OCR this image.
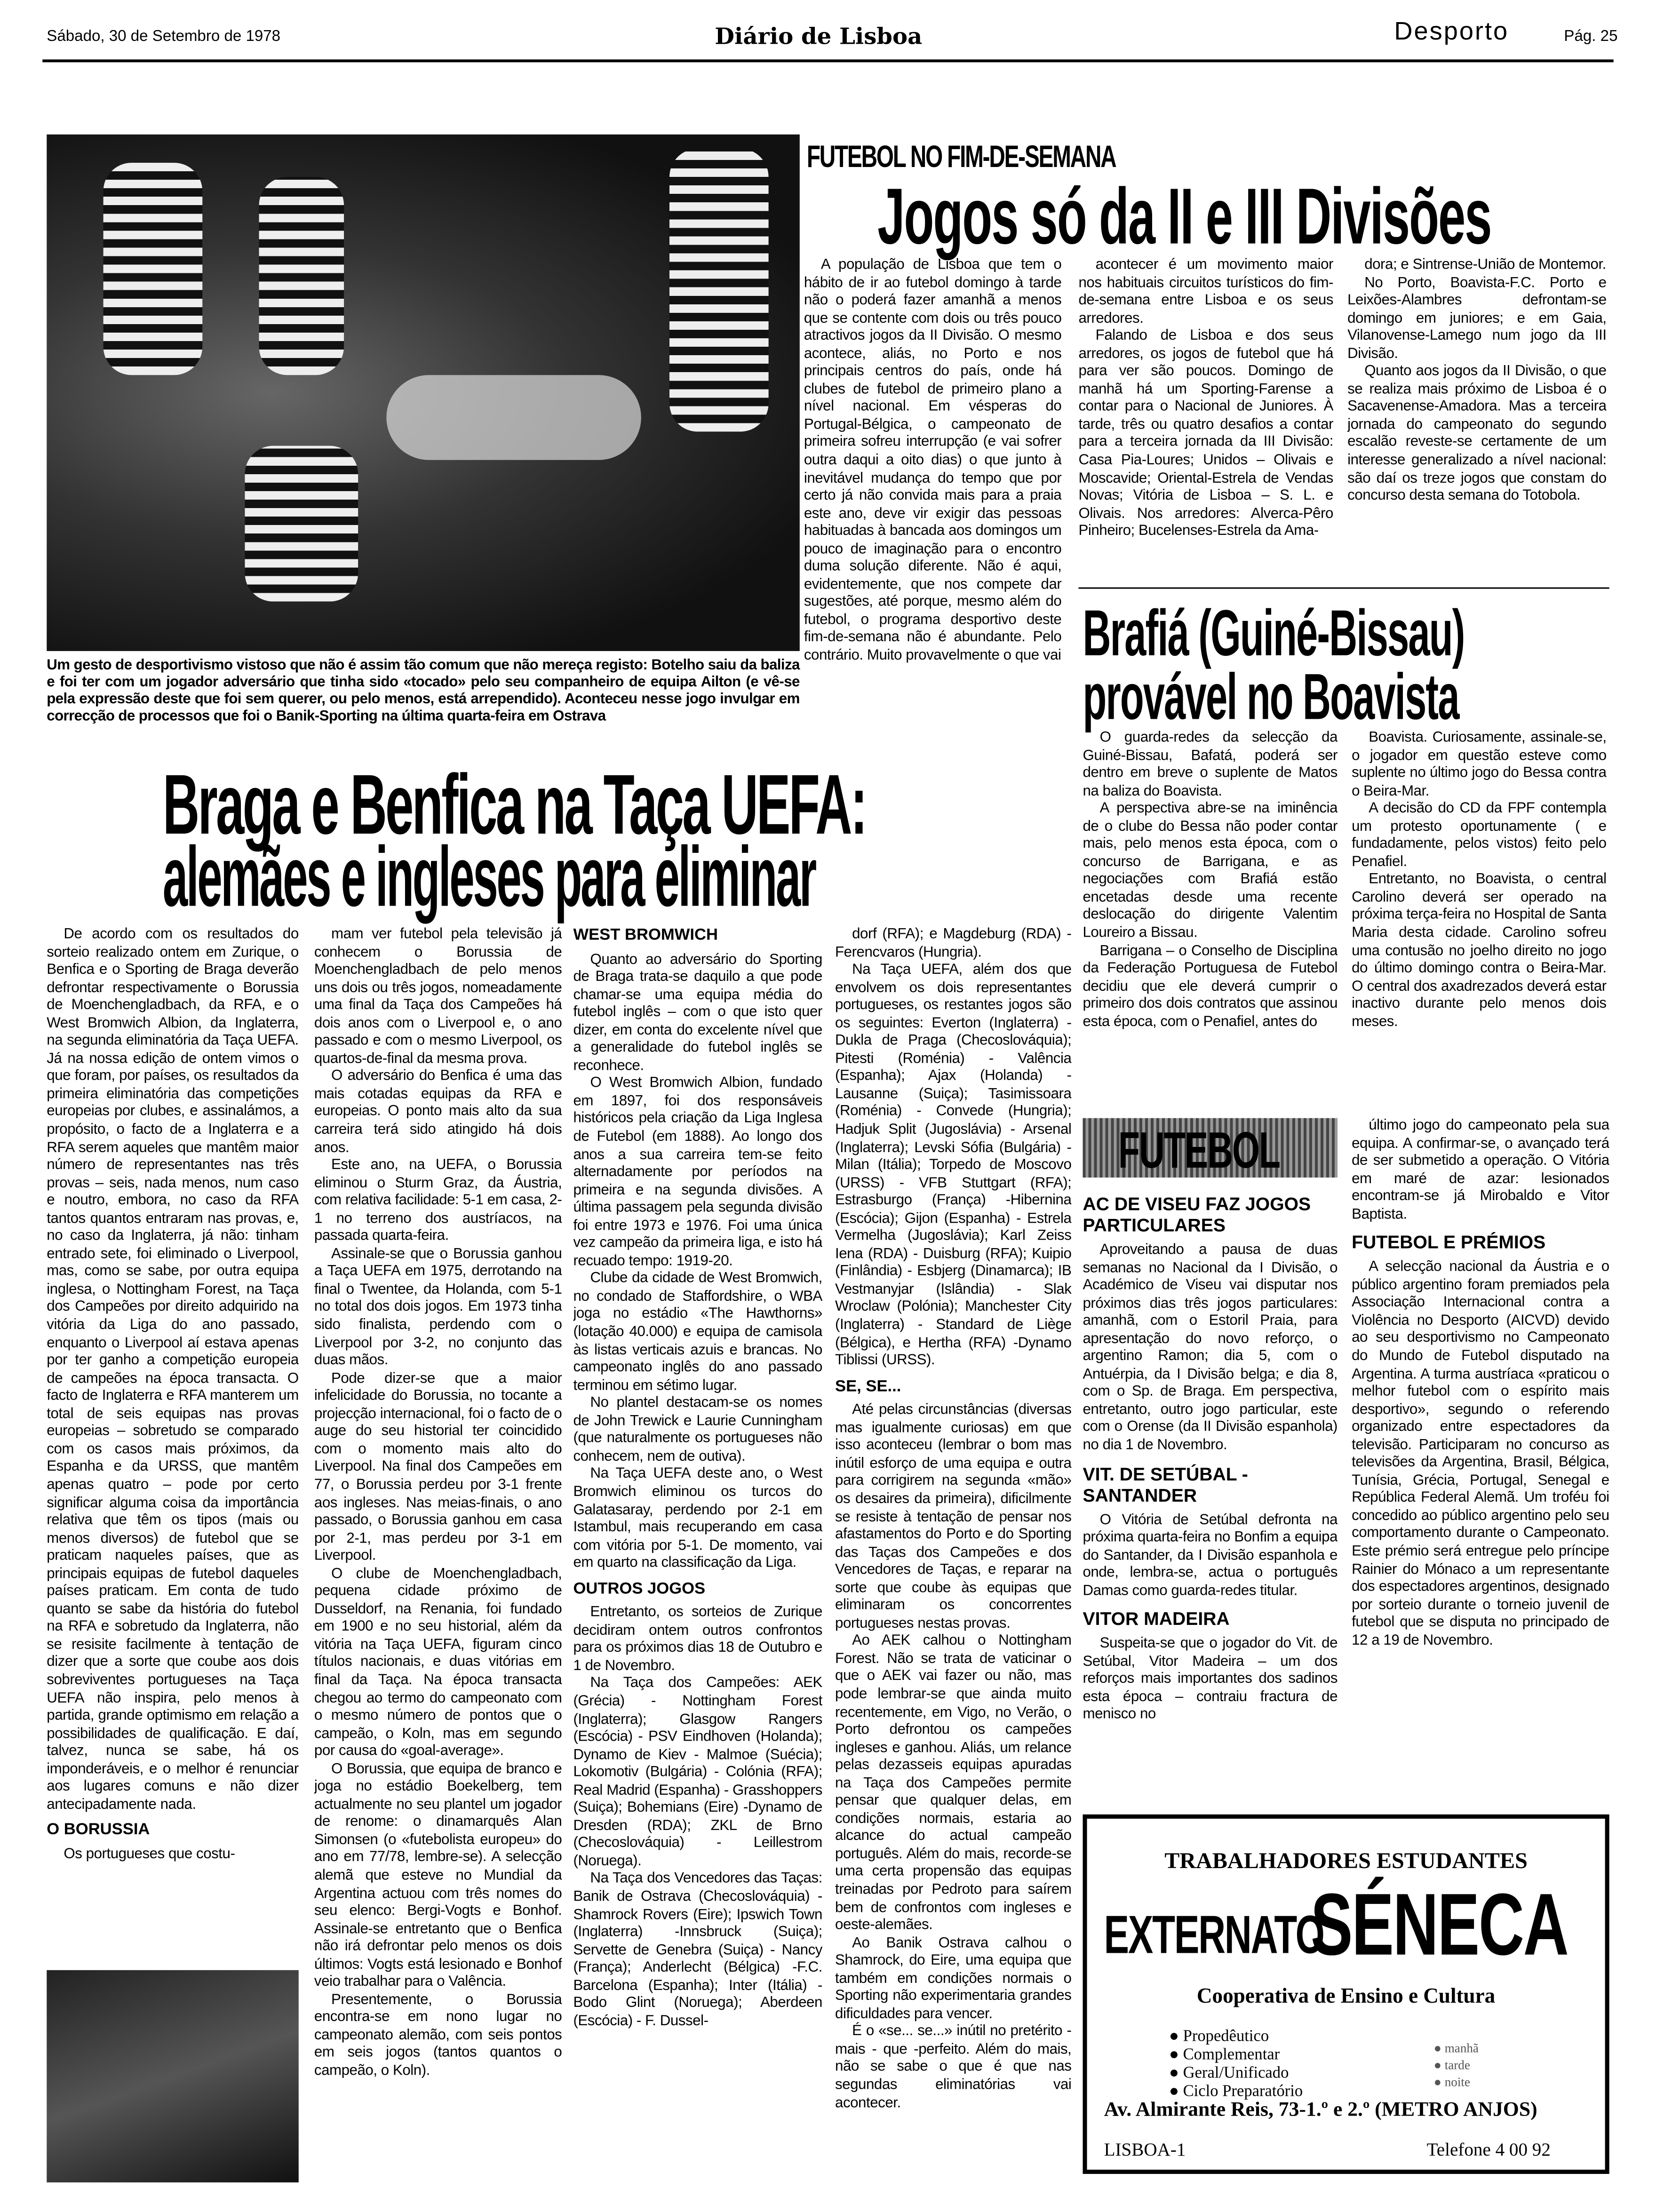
Sábado, 30 de Setembro de 1978	Diário de Lisboa	Desporto	Pág. 25
Um gesto de desportivismo vistoso que não é assim tão comum que não mereça registo: Botelho saiu da baliza e foi ter com um jogador adversário que tinha sido «tocado» pelo seu companheiro de equipa Ailton (e vê-se pela expressão deste que foi sem querer, ou pelo menos, está arrependido). Aconteceu nesse jogo invulgar em correcção de processos que foi o Banik-Sporting na última quarta-feira em Ostrava
FUTEBOL NO FIM-DE-SEMANA
Jogos só da II e III Divisões

A população de Lisboa que tem o hábito de ir ao futebol domingo à tarde não o poderá fazer amanhã a menos que se contente com dois ou três pouco atractivos jogos da II Divisão. O mesmo acontece, aliás, no Porto e nos principais centros do país, onde há clubes de futebol de primeiro plano a nível nacional. Em vésperas do Portugal-Bélgica, o campeonato de primeira sofreu interrupção (e vai sofrer outra daqui a oito dias) o que junto à inevitável mudança do tempo que por certo já não convida mais para a praia este ano, deve vir exigir das pessoas habituadas à bancada aos domingos um pouco de imaginação para o encontro duma solução diferente. Não é aqui, evidentemente, que nos compete dar sugestões, até porque, mesmo além do futebol, o programa desportivo deste fim-de-semana não é abundante. Pelo contrário. Muito provavelmente o que vai

acontecer é um movimento maior nos habituais circuitos turísticos do fim-de-semana entre Lisboa e os seus arredores.

Falando de Lisboa e dos seus arredores, os jogos de futebol que há para ver são poucos. Domingo de manhã há um Sporting-Farense a contar para o Nacional de Juniores. À tarde, três ou quatro desafios a contar para a terceira jornada da III Divisão: Casa Pia-Loures; Unidos – Olivais e Moscavide; Oriental-Estrela de Vendas Novas; Vitória de Lisboa – S. L. e Olivais. Nos arredores: Alverca-Pêro Pinheiro; Bucelenses-Estrela da Ama-

dora; e Sintrense-União de Montemor.

No Porto, Boavista-F.C. Porto e Leixões-Alambres defrontam-se domingo em juniores; e em Gaia, Vilanovense-Lamego num jogo da III Divisão.

Quanto aos jogos da II Divisão, o que se realiza mais próximo de Lisboa é o Sacavenense-Amadora. Mas a terceira jornada do campeonato do segundo escalão reveste-se certamente de um interesse generalizado a nível nacional: são daí os treze jogos que constam do concurso desta semana do Totobola.

Brafiá (Guiné-Bissau)
provável no Boavista

O guarda-redes da selecção da Guiné-Bissau, Bafatá, poderá ser dentro em breve o suplente de Matos na baliza do Boavista.

A perspectiva abre-se na iminência de o clube do Bessa não poder contar mais, pelo menos esta época, com o concurso de Barrigana, e as negociações com Brafiá estão encetadas desde uma recente deslocação do dirigente Valentim Loureiro a Bissau.

Barrigana – o Conselho de Disciplina da Federação Portuguesa de Futebol decidiu que ele deverá cumprir o primeiro dos dois contratos que assinou esta época, com o Penafiel, antes do

Boavista. Curiosamente, assinale-se, o jogador em questão esteve como suplente no último jogo do Bessa contra o Beira-Mar.

A decisão do CD da FPF contempla um protesto oportunamente ( e fundadamente, pelos vistos) feito pelo Penafiel.

Entretanto, no Boavista, o central Carolino deverá ser operado na próxima terça-feira no Hospital de Santa Maria desta cidade. Carolino sofreu uma contusão no joelho direito no jogo do último domingo contra o Beira-Mar. O central dos axadrezados deverá estar inactivo durante pelo menos dois meses.

Braga e Benfica na Taça UEFA:
alemães e ingleses para eliminar

De acordo com os resultados do sorteio realizado ontem em Zurique, o Benfica e o Sporting de Braga deverão defrontar respectivamente o Borussia de Moenchengladbach, da RFA, e o West Bromwich Albion, da Inglaterra, na segunda eliminatória da Taça UEFA. Já na nossa edição de ontem vimos o que foram, por países, os resultados da primeira eliminatória das competições europeias por clubes, e assinalámos, a propósito, o facto de a Inglaterra e a RFA serem aqueles que mantêm maior número de representantes nas três provas – seis, nada menos, num caso e noutro, embora, no caso da RFA tantos quantos entraram nas provas, e, no caso da Inglaterra, já não: tinham entrado sete, foi eliminado o Liverpool, mas, como se sabe, por outra equipa inglesa, o Nottingham Forest, na Taça dos Campeões por direito adquirido na vitória da Liga do ano passado, enquanto o Liverpool aí estava apenas por ter ganho a competição europeia de campeões na época transacta. O facto de Inglaterra e RFA manterem um total de seis equipas nas provas europeias – sobretudo se comparado com os casos mais próximos, da Espanha e da URSS, que mantêm apenas quatro – pode por certo significar alguma coisa da importância relativa que têm os tipos (mais ou menos diversos) de futebol que se praticam naqueles países, que as principais equipas de futebol daqueles países praticam. Em conta de tudo quanto se sabe da história do futebol na RFA e sobretudo da Inglaterra, não se resisite facilmente à tentação de dizer que a sorte que coube aos dois sobreviventes portugueses na Taça UEFA não inspira, pelo menos à partida, grande optimismo em relação a possibilidades de qualificação. E daí, talvez, nunca se sabe, há os imponderáveis, e o melhor é renunciar aos lugares comuns e não dizer antecipadamente nada.

O BORUSSIA

Os portugueses que costu-

mam ver futebol pela televisão já conhecem o Borussia de Moenchengladbach de pelo menos uns dois ou três jogos, nomeadamente uma final da Taça dos Campeões há dois anos com o Liverpool e, o ano passado e com o mesmo Liverpool, os quartos-de-final da mesma prova.

O adversário do Benfica é uma das mais cotadas equipas da RFA e europeias. O ponto mais alto da sua carreira terá sido atingido há dois anos.

Este ano, na UEFA, o Borussia eliminou o Sturm Graz, da Áustria, com relativa facilidade: 5-1 em casa, 2-1 no terreno dos austríacos, na passada quarta-feira.

Assinale-se que o Borussia ganhou a Taça UEFA em 1975, derrotando na final o Twentee, da Holanda, com 5-1 no total dos dois jogos. Em 1973 tinha sido finalista, perdendo com o Liverpool por 3-2, no conjunto das duas mãos.

Pode dizer-se que a maior infelicidade do Borussia, no tocante a projecção internacional, foi o facto de o auge do seu historial ter coincidido com o momento mais alto do Liverpool. Na final dos Campeões em 77, o Borussia perdeu por 3-1 frente aos ingleses. Nas meias-finais, o ano passado, o Borussia ganhou em casa por 2-1, mas perdeu por 3-1 em Liverpool.

O clube de Moenchengladbach, pequena cidade próximo de Dusseldorf, na Renania, foi fundado em 1900 e no seu historial, além da vitória na Taça UEFA, figuram cinco títulos nacionais, e duas vitórias em final da Taça. Na época transacta chegou ao termo do campeonato com o mesmo número de pontos que o campeão, o Koln, mas em segundo por causa do «goal-average».

O Borussia, que equipa de branco e joga no estádio Boekelberg, tem actualmente no seu plantel um jogador de renome: o dinamarquês Alan Simonsen (o «futebolista europeu» do ano em 77/78, lembre-se). A selecção alemã que esteve no Mundial da Argentina actuou com três nomes do seu elenco: Bergi-Vogts e Bonhof. Assinale-se entretanto que o Benfica não irá defrontar pelo menos os dois últimos: Vogts está lesionado e Bonhof veio trabalhar para o Valência.

Presentemente, o Borussia encontra-se em nono lugar no campeonato alemão, com seis pontos em seis jogos (tantos quantos o campeão, o Koln).

WEST BROMWICH

Quanto ao adversário do Sporting de Braga trata-se daquilo a que pode chamar-se uma equipa média do futebol inglês – com o que isto quer dizer, em conta do excelente nível que a generalidade do futebol inglês se reconhece.

O West Bromwich Albion, fundado em 1897, foi dos responsáveis históricos pela criação da Liga Inglesa de Futebol (em 1888). Ao longo dos anos a sua carreira tem-se feito alternadamente por períodos na primeira e na segunda divisões. A última passagem pela segunda divisão foi entre 1973 e 1976. Foi uma única vez campeão da primeira liga, e isto há recuado tempo: 1919-20.

Clube da cidade de West Bromwich, no condado de Staffordshire, o WBA joga no estádio «The Hawthorns» (lotação 40.000) e equipa de camisola às listas verticais azuis e brancas. No campeonato inglês do ano passado terminou em sétimo lugar.

No plantel destacam-se os nomes de John Trewick e Laurie Cunningham (que naturalmente os portugueses não conhecem, nem de outiva).

Na Taça UEFA deste ano, o West Bromwich eliminou os turcos do Galatasaray, perdendo por 2-1 em Istambul, mais recuperando em casa com vitória por 5-1. De momento, vai em quarto na classificação da Liga.

OUTROS JOGOS

Entretanto, os sorteios de Zurique decidiram ontem outros confrontos para os próximos dias 18 de Outubro e 1 de Novembro.

Na Taça dos Campeões: AEK (Grécia) - Nottingham Forest (Inglaterra); Glasgow Rangers (Escócia) - PSV Eindhoven (Holanda); Dynamo de Kiev - Malmoe (Suécia); Lokomotiv (Bulgária) - Colónia (RFA); Real Madrid (Espanha) - Grasshoppers (Suiça); Bohemians (Eire) -Dynamo de Dresden (RDA); ZKL de Brno (Checoslováquia) - Leillestrom (Noruega).

Na Taça dos Vencedores das Taças: Banik de Ostrava (Checoslováquia) - Shamrock Rovers (Eire); Ipswich Town (Inglaterra) -Innsbruck (Suiça); Servette de Genebra (Suiça) - Nancy (França); Anderlecht (Bélgica) -F.C. Barcelona (Espanha); Inter (Itália) - Bodo Glint (Noruega); Aberdeen (Escócia) - F. Dussel-

dorf (RFA); e Magdeburg (RDA) -Ferencvaros (Hungria).

Na Taça UEFA, além dos que envolvem os dois representantes portugueses, os restantes jogos são os seguintes: Everton (Inglaterra) - Dukla de Praga (Checoslováquia); Pitesti (Roménia) - Valência (Espanha); Ajax (Holanda) - Lausanne (Suiça); Tasimissoara (Roménia) - Convede (Hungria); Hadjuk Split (Jugoslávia) - Arsenal (Inglaterra); Levski Sófia (Bulgária) - Milan (Itália); Torpedo de Moscovo (URSS) - VFB Stuttgart (RFA); Estrasburgo (França) -Hibernina (Escócia); Gijon (Espanha) - Estrela Vermelha (Jugoslávia); Karl Zeiss Iena (RDA) - Duisburg (RFA); Kuipio (Finlândia) - Esbjerg (Dinamarca); IB Vestmanyjar (Islândia) - Slak Wroclaw (Polónia); Manchester City (Inglaterra) - Standard de Liège (Bélgica), e Hertha (RFA) -Dynamo Tiblissi (URSS).

SE, SE...

Até pelas circunstâncias (diversas mas igualmente curiosas) em que isso aconteceu (lembrar o bom mas inútil esforço de uma equipa e outra para corrigirem na segunda «mão» os desaires da primeira), dificilmente se resiste à tentação de pensar nos afastamentos do Porto e do Sporting das Taças dos Campeões e dos Vencedores de Taças, e reparar na sorte que coube às equipas que eliminaram os concorrentes portugueses nestas provas.

Ao AEK calhou o Nottingham Forest. Não se trata de vaticinar o que o AEK vai fazer ou não, mas pode lembrar-se que ainda muito recentemente, em Vigo, no Verão, o Porto defrontou os campeões ingleses e ganhou. Aliás, um relance pelas dezasseis equipas apuradas na Taça dos Campeões permite pensar que qualquer delas, em condições normais, estaria ao alcance do actual campeão português. Além do mais, recorde-se uma certa propensão das equipas treinadas por Pedroto para saírem bem de confrontos com ingleses e oeste-alemães.

Ao Banik Ostrava calhou o Shamrock, do Eire, uma equipa que também em condições normais o Sporting não experimentaria grandes dificuldades para vencer.

É o «se... se...» inútil no pretérito - mais - que -perfeito. Além do mais, não se sabe o que é que nas segundas eliminatórias vai acontecer.

FUTEBOL
AC DE VISEU FAZ JOGOS PARTICULARES

Aproveitando a pausa de duas semanas no Nacional da I Divisão, o Académico de Viseu vai disputar nos próximos dias três jogos particulares: amanhã, com o Estoril Praia, para apresentação do novo reforço, o argentino Ramon; dia 5, com o Antuérpia, da I Divisão belga; e dia 8, com o Sp. de Braga. Em perspectiva, entretanto, outro jogo particular, este com o Orense (da II Divisão espanhola) no dia 1 de Novembro.

VIT. DE SETÚBAL -SANTANDER

O Vitória de Setúbal defronta na próxima quarta-feira no Bonfim a equipa do Santander, da I Divisão espanhola e onde, lembra-se, actua o português Damas como guarda-redes titular.

VITOR MADEIRA

Suspeita-se que o jogador do Vit. de Setúbal, Vitor Madeira – um dos reforços mais importantes dos sadinos esta época – contraiu fractura de menisco no

último jogo do campeonato pela sua equipa. A confirmar-se, o avançado terá de ser submetido a operação. O Vitória em maré de azar: lesionados encontram-se já Mirobaldo e Vitor Baptista.

FUTEBOL E PRÉMIOS

A selecção nacional da Áustria e o público argentino foram premiados pela Associação Internacional contra a Violência no Desporto (AICVD) devido ao seu desportivismo no Campeonato do Mundo de Futebol disputado na Argentina. A turma austríaca «praticou o melhor futebol com o espírito mais desportivo», segundo o referendo organizado entre espectadores da televisão. Participaram no concurso as televisões da Argentina, Brasil, Bélgica, Tunísia, Grécia, Portugal, Senegal e República Federal Alemã. Um troféu foi concedido ao público argentino pelo seu comportamento durante o Campeonato. Este prémio será entregue pelo príncipe Rainier do Mónaco a um representante dos espectadores argentinos, designado por sorteio durante o torneio juvenil de futebol que se disputa no principado de 12 a 19 de Novembro.

TRABALHADORES ESTUDANTES
EXTERNATO
SÉNECA
Cooperativa de Ensino e Cultura
● Propedêutico
● Complementar
● Geral/Unificado
● Ciclo Preparatório
● manhã
● tarde
● noite
Av. Almirante Reis, 73-1.º e 2.º (METRO ANJOS)
LISBOA-1	Telefone 4 00 92
